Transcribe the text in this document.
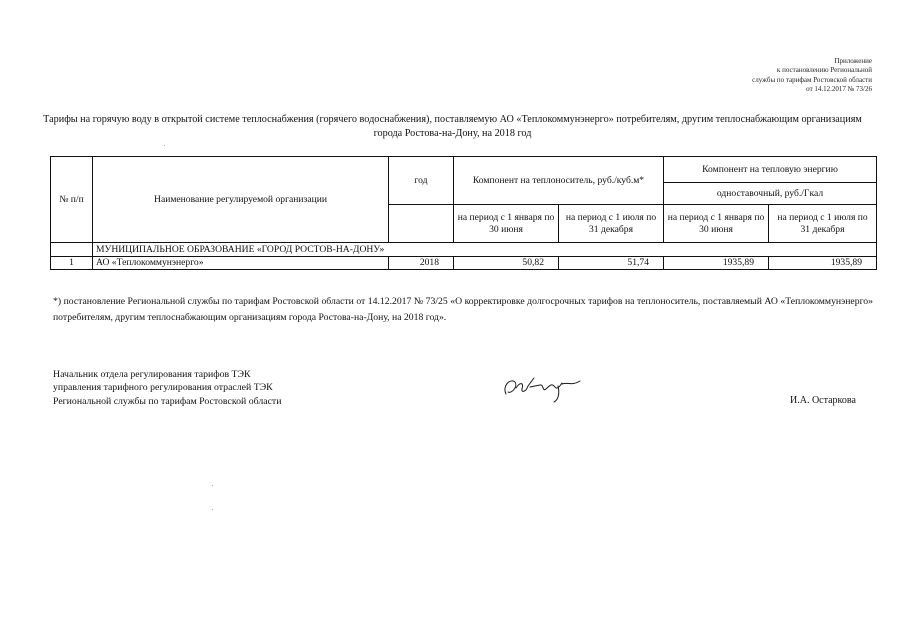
Приложение
к постановлению Региональной
службы по тарифам Ростовской области
от 14.12.2017 № 73/26
Тарифы на горячую воду в открытой системе теплоснабжения (горячего водоснабжения), поставляемую АО «Теплокоммунэнерго» потребителям, другим теплоснабжающим организациям города Ростова-на-Дону, на 2018 год
№ п/п	Наименование регулируемой организации	год	Компонент на теплоноситель, руб./куб.м*		Компонент на тепловую энергию	
					одноставочный, руб./Гкал	
			на период с 1 января по 30 июня	на период с 1 июля по 31 декабря	на период с 1 января по 30 июня	на период с 1 июля по 31 декабря
	МУНИЦИПАЛЬНОЕ ОБРАЗОВАНИЕ «ГОРОД РОСТОВ-НА-ДОНУ»					
1	АО «Теплокоммунэнерго»	2018	50,82	51,74	1935,89	1935,89
*) постановление Региональной службы по тарифам Ростовской области от 14.12.2017 № 73/25 «О корректировке долгосрочных тарифов на теплоноситель, поставляемый АО «Теплокоммунэнерго» потребителям, другим теплоснабжающим организациям города Ростова-на-Дону, на 2018 год».
Начальник отдела регулирования тарифов ТЭК
управления тарифного регулирования отраслей ТЭК
Региональной службы по тарифам Ростовской области	И.А. Остаркова
